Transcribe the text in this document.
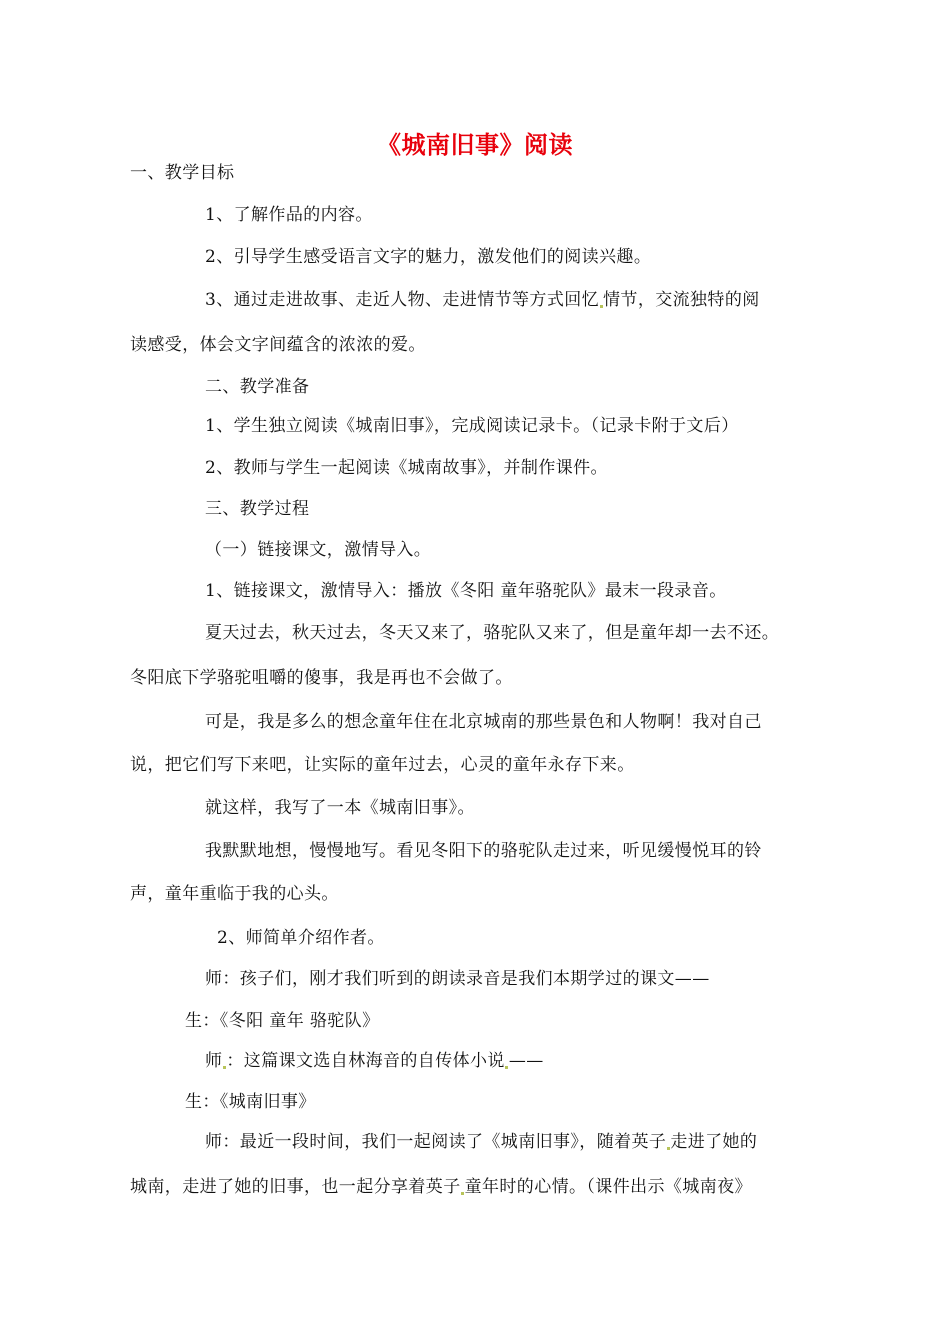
《城南旧事》阅读
一、教学目标
1、了解作品的内容。
2、引导学生感受语言文字的魅力，激发他们的阅读兴趣。
3、通过走进故事、走近人物、走进情节等方式回忆 情节，交流独特的阅
读感受，体会文字间蕴含的浓浓的爱。
二、教学准备
1、学生独立阅读《城南旧事》，完成阅读记录卡。（记录卡附于文后）
2、教师与学生一起阅读《城南故事》，并制作课件。
三、教学过程
（一）链接课文，激情导入。
1、链接课文，激情导入：播放《冬阳 童年骆驼队》最末一段录音。
夏天过去，秋天过去，冬天又来了，骆驼队又来了，但是童年却一去不还。
冬阳底下学骆驼咀嚼的傻事，我是再也不会做了。
可是，我是多么的想念童年住在北京城南的那些景色和人物啊！我对自己
说，把它们写下来吧，让实际的童年过去，心灵的童年永存下来。
就这样，我写了一本《城南旧事》。
我默默地想，慢慢地写。看见冬阳下的骆驼队走过来，听见缓慢悦耳的铃
声，童年重临于我的心头。
2、师简单介绍作者。
师：孩子们，刚才我们听到的朗读录音是我们本期学过的课文——
生：《冬阳 童年 骆驼队》
师 ：这篇课文选自林海音的自传体小说 ——
生：《城南旧事》
师：最近一段时间，我们一起阅读了《城南旧事》，随着英子 走进了她的
城南，走进了她的旧事，也一起分享着英子 童年时的心情。（课件出示《城南夜》
